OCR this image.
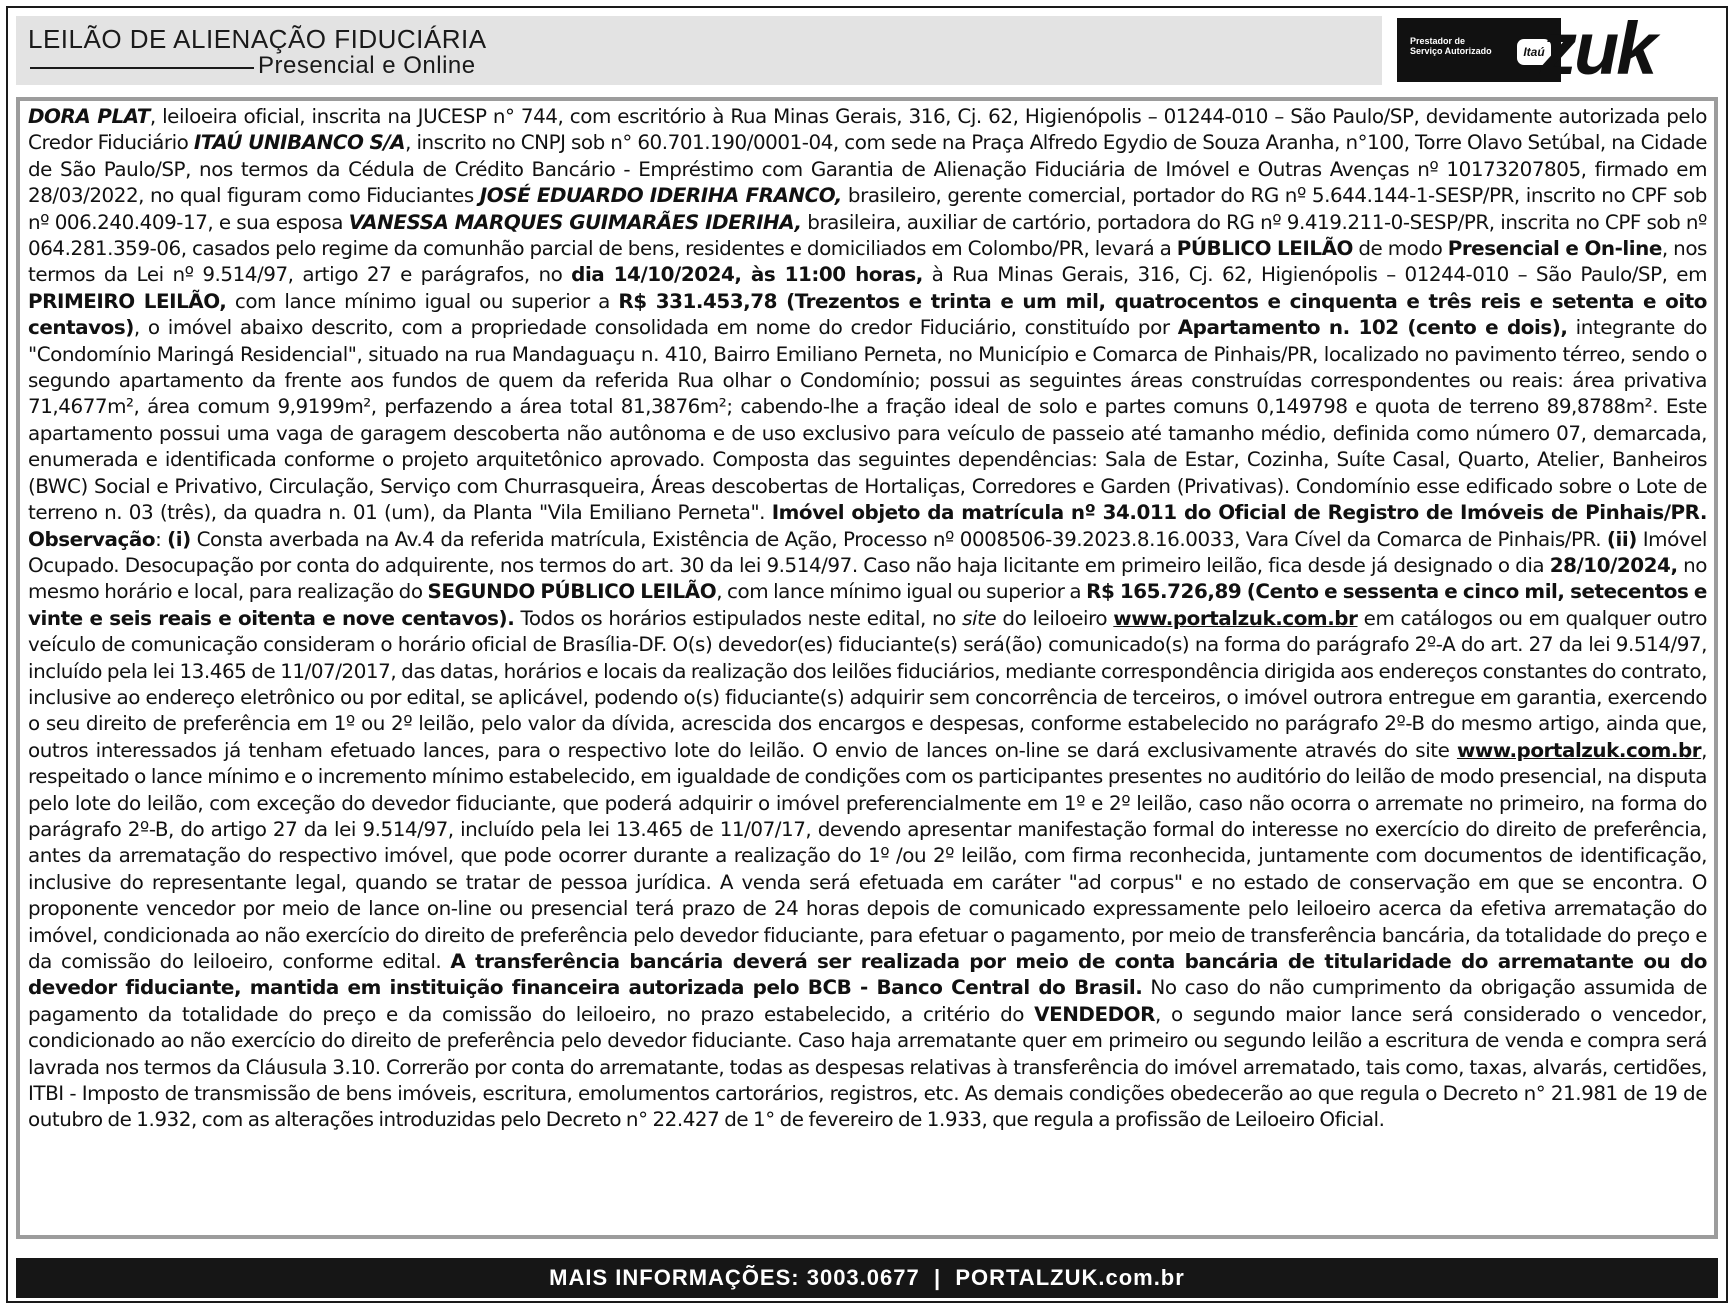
LEILÃO DE ALIENAÇÃO FIDUCIÁRIA
Presencial e Online
Prestador de Serviço Autorizado	Itaú
zuk
DORA PLAT, leiloeira oficial, inscrita na JUCESP n° 744, com escritório à Rua Minas Gerais, 316, Cj. 62, Higienópolis – 01244-010 – São Paulo/SP, devidamente autorizada pelo Credor Fiduciário ITAÚ UNIBANCO S/A, inscrito no CNPJ sob n° 60.701.190/0001-04, com sede na Praça Alfredo Egydio de Souza Aranha, n°100, Torre Olavo Setúbal, na Cidade de São Paulo/SP, nos termos da Cédula de Crédito Bancário - Empréstimo com Garantia de Alienação Fiduciária de Imóvel e Outras Avenças nº 10173207805, firmado em 28/03/2022, no qual figuram como Fiduciantes JOSÉ EDUARDO IDERIHA FRANCO, brasileiro, gerente comercial, portador do RG nº 5.644.144-1-SESP/PR, inscrito no CPF sob nº 006.240.409-17, e sua esposa VANESSA MARQUES GUIMARÃES IDERIHA, brasileira, auxiliar de cartório, portadora do RG nº 9.419.211-0-SESP/PR, inscrita no CPF sob nº 064.281.359-06, casados pelo regime da comunhão parcial de bens, residentes e domiciliados em Colombo/PR, levará a PÚBLICO LEILÃO de modo Presencial e On-line, nos termos da Lei nº 9.514/97, artigo 27 e parágrafos, no dia 14/10/2024, às 11:00 horas, à Rua Minas Gerais, 316, Cj. 62, Higienópolis – 01244-010 – São Paulo/SP, em PRIMEIRO LEILÃO, com lance mínimo igual ou superior a R$ 331.453,78 (Trezentos e trinta e um mil, quatrocentos e cinquenta e três reis e setenta e oito centavos), o imóvel abaixo descrito, com a propriedade consolidada em nome do credor Fiduciário, constituído por Apartamento n. 102 (cento e dois), integrante do "Condomínio Maringá Residencial", situado na rua Mandaguaçu n. 410, Bairro Emiliano Perneta, no Município e Comarca de Pinhais/PR, localizado no pavimento térreo, sendo o segundo apartamento da frente aos fundos de quem da referida Rua olhar o Condomínio; possui as seguintes áreas construídas correspondentes ou reais: área privativa 71,4677m², área comum 9,9199m², perfazendo a área total 81,3876m²; cabendo-lhe a fração ideal de solo e partes comuns 0,149798 e quota de terreno 89,8788m². Este apartamento possui uma vaga de garagem descoberta não autônoma e de uso exclusivo para veículo de passeio até tamanho médio, definida como número 07, demarcada, enumerada e identificada conforme o projeto arquitetônico aprovado. Composta das seguintes dependências: Sala de Estar, Cozinha, Suíte Casal, Quarto, Atelier, Banheiros (BWC) Social e Privativo, Circulação, Serviço com Churrasqueira, Áreas descobertas de Hortaliças, Corredores e Garden (Privativas). Condomínio esse edificado sobre o Lote de terreno n. 03 (três), da quadra n. 01 (um), da Planta "Vila Emiliano Perneta". Imóvel objeto da matrícula nº 34.011 do Oficial de Registro de Imóveis de Pinhais/PR. Observação: (i) Consta averbada na Av.4 da referida matrícula, Existência de Ação, Processo nº 0008506-39.2023.8.16.0033, Vara Cível da Comarca de Pinhais/PR. (ii) Imóvel Ocupado. Desocupação por conta do adquirente, nos termos do art. 30 da lei 9.514/97. Caso não haja licitante em primeiro leilão, fica desde já designado o dia 28/10/2024, no mesmo horário e local, para realização do SEGUNDO PÚBLICO LEILÃO, com lance mínimo igual ou superior a R$ 165.726,89 (Cento e sessenta e cinco mil, setecentos e vinte e seis reais e oitenta e nove centavos). Todos os horários estipulados neste edital, no site do leiloeiro www.portalzuk.com.br em catálogos ou em qualquer outro veículo de comunicação consideram o horário oficial de Brasília-DF. O(s) devedor(es) fiduciante(s) será(ão) comunicado(s) na forma do parágrafo 2º-A do art. 27 da lei 9.514/97, incluído pela lei 13.465 de 11/07/2017, das datas, horários e locais da realização dos leilões fiduciários, mediante correspondência dirigida aos endereços constantes do contrato, inclusive ao endereço eletrônico ou por edital, se aplicável, podendo o(s) fiduciante(s) adquirir sem concorrência de terceiros, o imóvel outrora entregue em garantia, exercendo o seu direito de preferência em 1º ou 2º leilão, pelo valor da dívida, acrescida dos encargos e despesas, conforme estabelecido no parágrafo 2º-B do mesmo artigo, ainda que, outros interessados já tenham efetuado lances, para o respectivo lote do leilão. O envio de lances on-line se dará exclusivamente através do site www.portalzuk.com.br, respeitado o lance mínimo e o incremento mínimo estabelecido, em igualdade de condições com os participantes presentes no auditório do leilão de modo presencial, na disputa pelo lote do leilão, com exceção do devedor fiduciante, que poderá adquirir o imóvel preferencialmente em 1º e 2º leilão, caso não ocorra o arremate no primeiro, na forma do parágrafo 2º-B, do artigo 27 da lei 9.514/97, incluído pela lei 13.465 de 11/07/17, devendo apresentar manifestação formal do interesse no exercício do direito de preferência, antes da arrematação do respectivo imóvel, que pode ocorrer durante a realização do 1º /ou 2º leilão, com firma reconhecida, juntamente com documentos de identificação, inclusive do representante legal, quando se tratar de pessoa jurídica. A venda será efetuada em caráter "ad corpus" e no estado de conservação em que se encontra. O proponente vencedor por meio de lance on-line ou presencial terá prazo de 24 horas depois de comunicado expressamente pelo leiloeiro acerca da efetiva arrematação do imóvel, condicionada ao não exercício do direito de preferência pelo devedor fiduciante, para efetuar o pagamento, por meio de transferência bancária, da totalidade do preço e da comissão do leiloeiro, conforme edital. A transferência bancária deverá ser realizada por meio de conta bancária de titularidade do arrematante ou do devedor fiduciante, mantida em instituição financeira autorizada pelo BCB - Banco Central do Brasil. No caso do não cumprimento da obrigação assumida de pagamento da totalidade do preço e da comissão do leiloeiro, no prazo estabelecido, a critério do VENDEDOR, o segundo maior lance será considerado o vencedor, condicionado ao não exercício do direito de preferência pelo devedor fiduciante. Caso haja arrematante quer em primeiro ou segundo leilão a escritura de venda e compra será lavrada nos termos da Cláusula 3.10. Correrão por conta do arrematante, todas as despesas relativas à transferência do imóvel arrematado, tais como, taxas, alvarás, certidões, ITBI - Imposto de transmissão de bens imóveis, escritura, emolumentos cartorários, registros, etc. As demais condições obedecerão ao que regula o Decreto n° 21.981 de 19 de outubro de 1.932, com as alterações introduzidas pelo Decreto n° 22.427 de 1° de fevereiro de 1.933, que regula a profissão de Leiloeiro Oficial.
MAIS INFORMAÇÕES: 3003.0677  |  PORTALZUK.com.br
